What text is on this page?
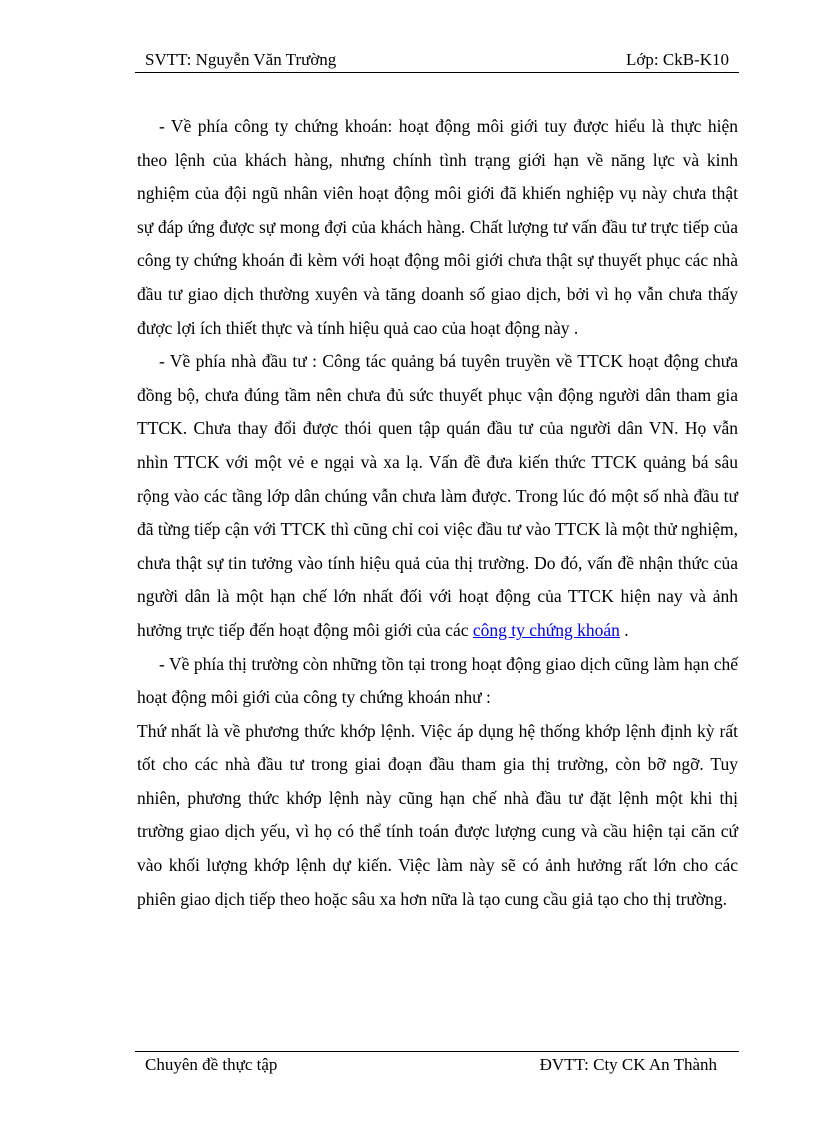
SVTT: Nguyễn Văn Trường	Lớp: CkB-K10

- Về phía công ty chứng khoán: hoạt động môi giới tuy được hiểu là thực hiện theo lệnh của khách hàng, nhưng chính tình trạng giới hạn về năng lực và kinh nghiệm của đội ngũ nhân viên hoạt động môi giới đã khiến nghiệp vụ này chưa thật sự đáp ứng được sự mong đợi của khách hàng. Chất lượng tư vấn đầu tư trực tiếp của công ty chứng khoán đi kèm với hoạt động môi giới chưa thật sự thuyết phục các nhà đầu tư giao dịch thường xuyên và tăng doanh số giao dịch, bởi vì họ vẫn chưa thấy được lợi ích thiết thực và tính hiệu quả cao của hoạt động này .

- Về phía nhà đầu tư : Công tác quảng bá tuyên truyền về TTCK hoạt động chưa đồng bộ, chưa đúng tầm nên chưa đủ sức thuyết phục vận động người dân tham gia TTCK. Chưa thay đổi được thói quen tập quán đầu tư của người dân VN. Họ vẫn nhìn TTCK với một vẻ e ngại và xa lạ. Vấn đề đưa kiến thức TTCK quảng bá sâu rộng vào các tầng lớp dân chúng vẫn chưa làm được. Trong lúc đó một số nhà đầu tư đã từng tiếp cận với TTCK thì cũng chỉ coi việc đầu tư vào TTCK là một thử nghiệm, chưa thật sự tin tưởng vào tính hiệu quả của thị trường. Do đó, vấn đề nhận thức của người dân là một hạn chế lớn nhất đối với hoạt động của TTCK hiện nay và ảnh hưởng trực tiếp đến hoạt động môi giới của các công ty chứng khoán .

- Về phía thị trường còn những tồn tại trong hoạt động giao dịch cũng làm hạn chế hoạt động môi giới của công ty chứng khoán như :

Thứ nhất là về phương thức khớp lệnh. Việc áp dụng hệ thống khớp lệnh định kỳ rất tốt cho các nhà đầu tư trong giai đoạn đầu tham gia thị trường, còn bỡ ngỡ. Tuy nhiên, phương thức khớp lệnh này cũng hạn chế nhà đầu tư đặt lệnh một khi thị trường giao dịch yếu, vì họ có thể tính toán được lượng cung và cầu hiện tại căn cứ vào khối lượng khớp lệnh dự kiến. Việc làm này sẽ có ảnh hưởng rất lớn cho các phiên giao dịch tiếp theo hoặc sâu xa hơn nữa là tạo cung cầu giả tạo cho thị trường.

Chuyên đề thực tập	ĐVTT: Cty CK An Thành
